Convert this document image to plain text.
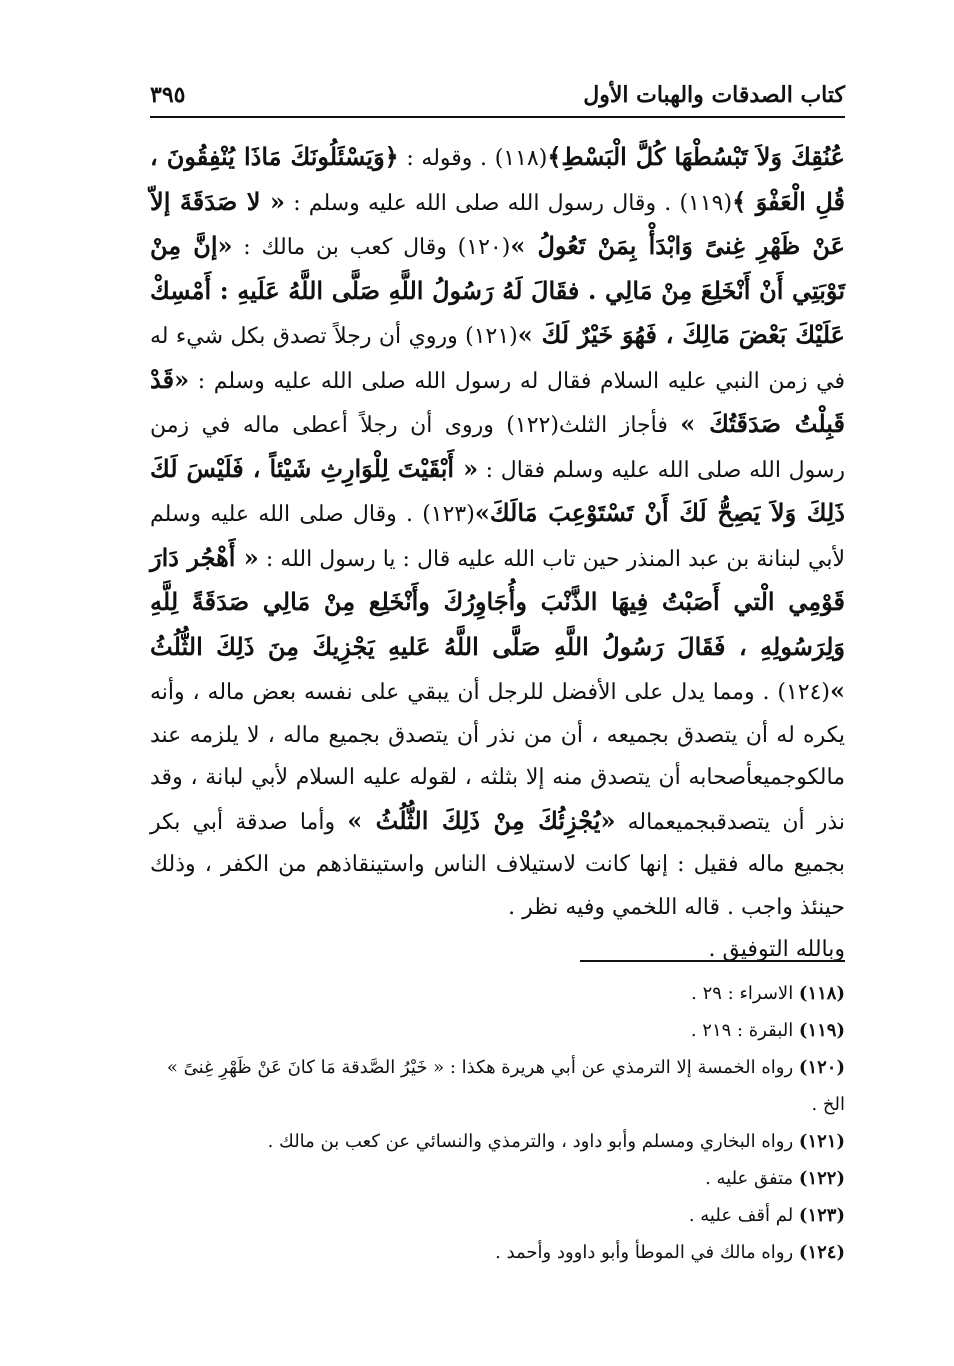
كتاب الصدقات والهبات الأول
٣٩٥

عُنُقِكَ وَلاَ تَبْسُطْهَا كُلَّ الْبَسْطِ﴾(١١٨) . وقوله : ﴿وَيَسْئَلُونَكَ مَاذَا يُنْفِقُونَ ، قُلِ الْعَفْوَ ﴾(١١٩) . وقال رسول الله صلى الله عليه وسلم : « لا صَدَقَةَ إلاّ عَنْ ظَهْرِ غِنىً وَابْدَأْ بِمَنْ تَعُولُ »(١٢٠) وقال كعب بن مالك : «إنَّ مِنْ تَوْبَتِي أَنْ أَنْخَلِعَ مِنْ مَالِي . فقَالَ لَهُ رَسُولُ اللَّهِ صَلَّى اللَّهُ عَلَيهِ : أَمْسِكْ عَلَيْكَ بَعْضَ مَالِكَ ، فَهُوَ خَيْرٌ لَكَ »(١٢١) وروي أن رجلاً تصدق بكل شيء له في زمن النبي عليه السلام فقال له رسول الله صلى الله عليه وسلم : «قَدْ قَبِلْتُ صَدَقَتُكَ » فأجاز الثلث(١٢٢) وروى أن رجلاً أعطى ماله في زمن رسول الله صلى الله عليه وسلم فقال : « أَبْقَيْتَ لِلْوَارِثِ شَيْئاً ، فَلَيْسَ لَكَ ذَلِكَ وَلاَ يَصِحُّ لَكَ أَنْ تَسْتَوْعِبَ مَالَكَ»(١٢٣) . وقال صلى الله عليه وسلم لأبي لبنانة بن عبد المنذر حين تاب الله عليه قال : يا رسول الله : « أَهْجُر دَارَ قَوْمِي الْتي أَصَبْتُ فِيهَا الذَّنْبَ وأُجَاوِرُكَ وأَنْخَلِع مِنْ مَالِي صَدَقَةً لِلَّهِ وَلِرَسُولِهِ ، فَقَالَ رَسُولُ اللَّهِ صَلَّى اللَّهُ عَليهِ يَجْزِيكَ مِنَ ذَلِكَ الثُّلُثُ »(١٢٤) . ومما يدل على الأفضل للرجل أن يبقي على نفسه بعض ماله ، وأنه يكره له أن يتصدق بجميعه ، أن من نذر أن يتصدق بجميع ماله ، لا يلزمه عند مالكوجميعأصحابه أن يتصدق منه إلا بثلثه ، لقوله عليه السلام لأبي لبانة ، وقد نذر أن يتصدقبجميعماله «يُجْزِئُكَ مِنْ ذَلِكَ الثُّلُثُ » وأما صدقة أبي بكر بجميع ماله فقيل : إنها كانت لاستيلاف الناس واستينقاذهم من الكفر ، وذلك حينئذ واجب . قاله اللخمي وفيه نظر .

وبالله التوفيق .

(١١٨) الاسراء : ٢٩ .
(١١٩) البقرة : ٢١٩ .
(١٢٠) رواه الخمسة إلا الترمذي عن أبي هريرة هكذا : « خَيْرُ الصَّدقة مَا كانَ عَنْ ظَهْرِ غِنىً » الخ .
(١٢١) رواه البخاري ومسلم وأبو داود ، والترمذي والنسائي عن كعب بن مالك .
(١٢٢) متفق عليه .
(١٢٣) لم أقف عليه .
(١٢٤) رواه مالك في الموطأ وأبو داوود وأحمد .
